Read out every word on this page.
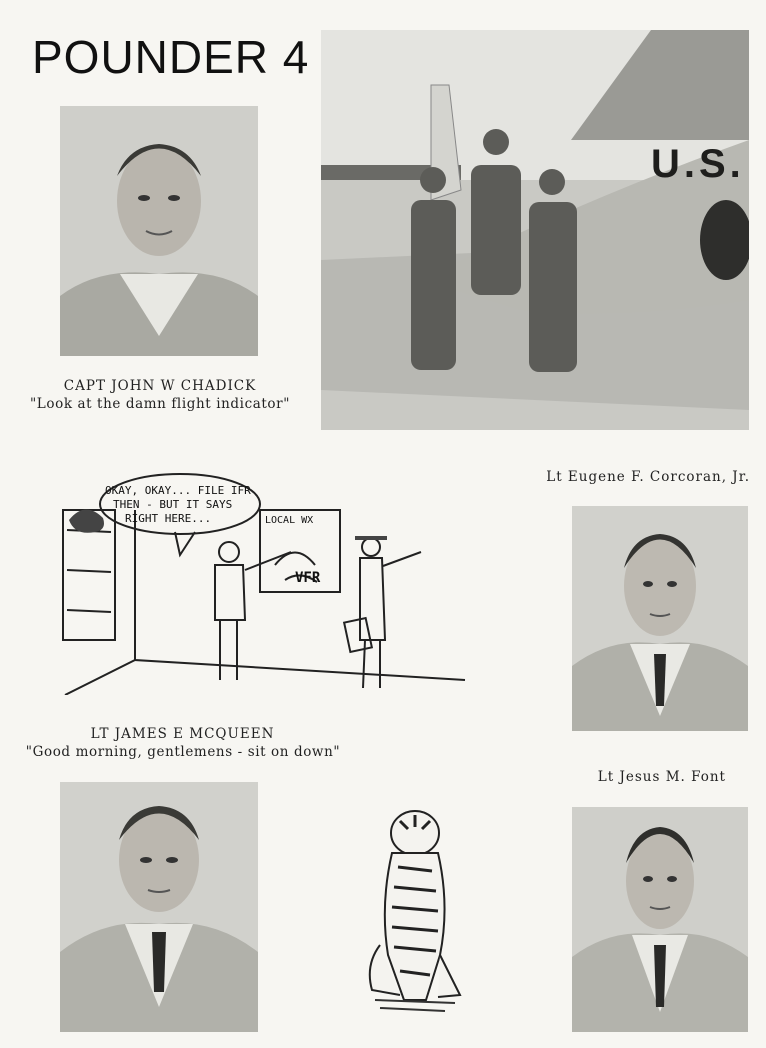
POUNDER 4
CAPT JOHN W CHADICK
"Look at the damn flight indicator"
U.S.
Lt Eugene F. Corcoran, Jr.
OKAY, OKAY... FILE IFR
THEN - BUT IT SAYS
RIGHT HERE...	LOCAL WX
VFR
LT JAMES E MCQUEEN
"Good morning, gentlemens - sit on down"
Lt Jesus M. Font
